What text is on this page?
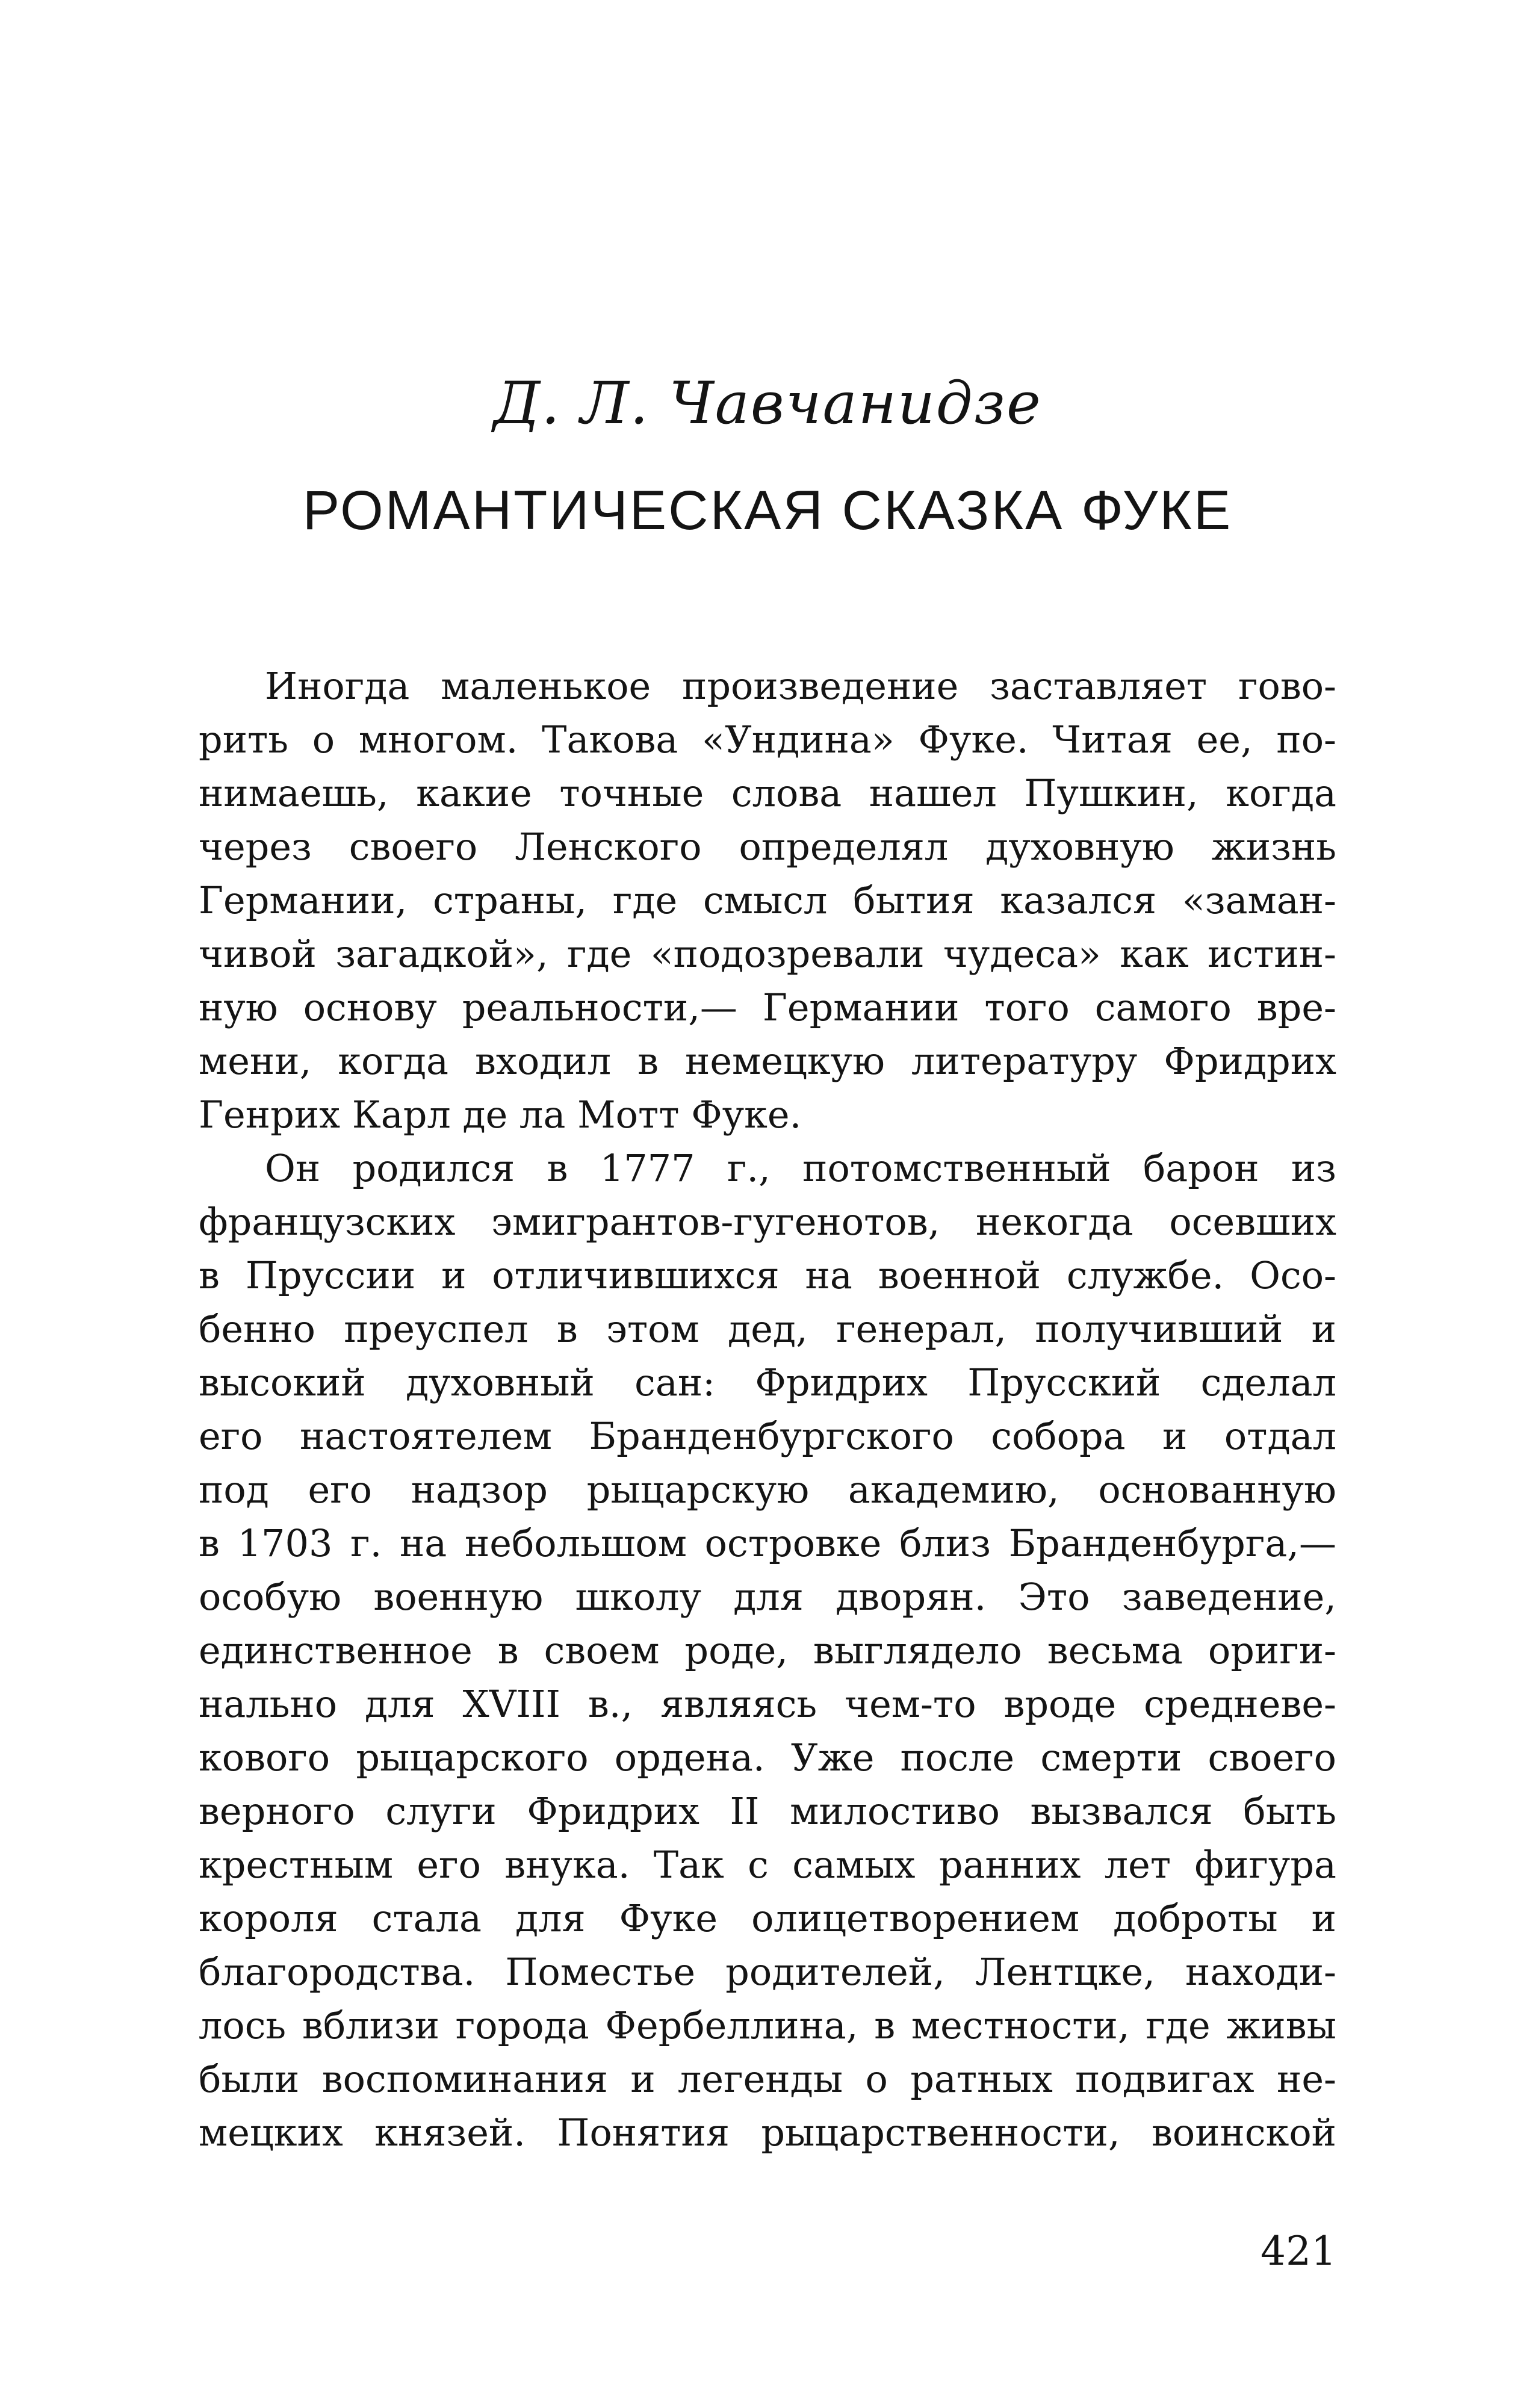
Д. Л. Чавчанидзе
РОМАНТИЧЕСКАЯ СКАЗКА ФУКЕ
Иногда маленькое произведение заставляет гово-
рить о многом. Такова «Ундина» Фуке. Читая ее, по-
нимаешь, какие точные слова нашел Пушкин, когда
через своего Ленского определял духовную жизнь
Германии, страны, где смысл бытия казался «заман-
чивой загадкой», где «подозревали чудеса» как истин-
ную основу реальности,— Германии того самого вре-
мени, когда входил в немецкую литературу Фридрих
Генрих Карл де ла Мотт Фуке.
Он родился в 1777 г., потомственный барон из
французских эмигрантов-гугенотов, некогда осевших
в Пруссии и отличившихся на военной службе. Осо-
бенно преуспел в этом дед, генерал, получивший и
высокий духовный сан: Фридрих Прусский сделал
его настоятелем Бранденбургского собора и отдал
под его надзор рыцарскую академию, основанную
в 1703 г. на небольшом островке близ Бранденбурга,—
особую военную школу для дворян. Это заведение,
единственное в своем роде, выглядело весьма ориги-
нально для XVIII в., являясь чем-то вроде средневе-
кового рыцарского ордена. Уже после смерти своего
верного слуги Фридрих II милостиво вызвался быть
крестным его внука. Так с самых ранних лет фигура
короля стала для Фуке олицетворением доброты и
благородства. Поместье родителей, Лентцке, находи-
лось вблизи города Фербеллина, в местности, где живы
были воспоминания и легенды о ратных подвигах не-
мецких князей. Понятия рыцарственности, воинской
421
